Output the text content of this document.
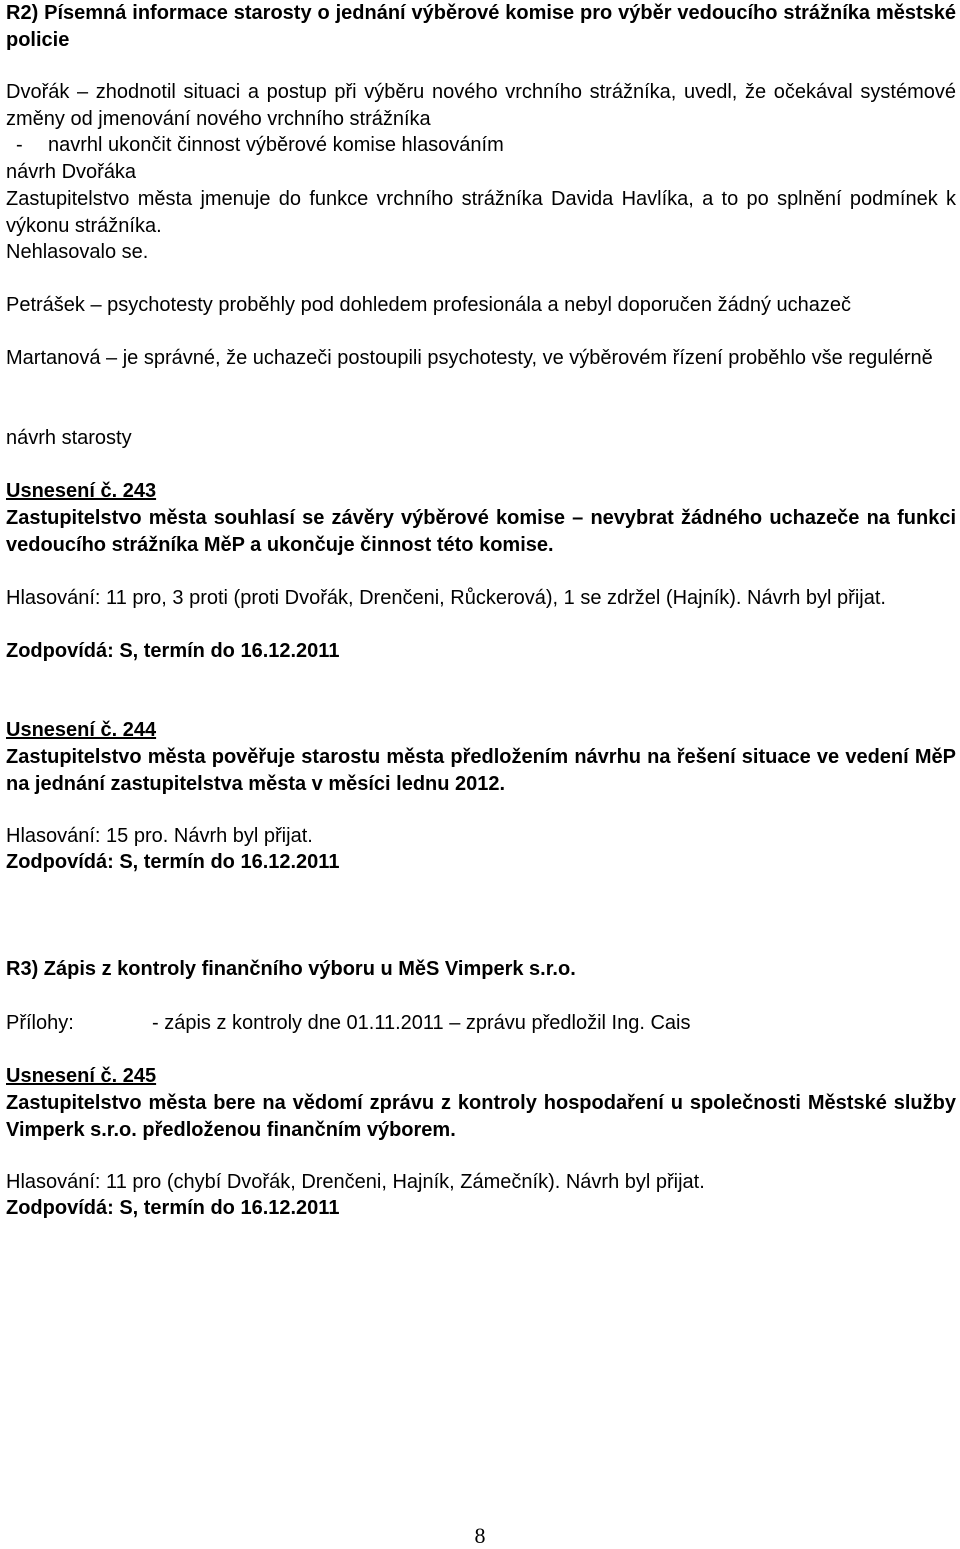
R2) Písemná informace starosty o jednání výběrové komise pro výběr vedoucího strážníka městské policie

Dvořák – zhodnotil situaci a postup při výběru nového vrchního strážníka, uvedl, že očekával systémové změny od jmenování nového vrchního strážníka

- navrhl ukončit činnost výběrové komise hlasováním

návrh Dvořáka

Zastupitelstvo města jmenuje do funkce vrchního strážníka Davida Havlíka, a to po splnění podmínek k výkonu strážníka.

Nehlasovalo se.

Petrášek – psychotesty proběhly pod dohledem profesionála a nebyl doporučen žádný uchazeč

Martanová – je správné, že uchazeči postoupili psychotesty, ve výběrovém řízení proběhlo vše regulérně

návrh starosty

Usnesení č. 243

Zastupitelstvo města souhlasí se závěry výběrové komise – nevybrat žádného uchazeče na funkci vedoucího strážníka MěP a ukončuje činnost této komise.

Hlasování: 11 pro, 3 proti (proti Dvořák, Drenčeni, Růckerová), 1 se zdržel (Hajník). Návrh byl přijat.

Zodpovídá: S, termín do 16.12.2011

Usnesení č. 244

Zastupitelstvo města pověřuje starostu města předložením návrhu na řešení situace ve vedení MěP na jednání zastupitelstva města v měsíci lednu 2012.

Hlasování: 15 pro. Návrh byl přijat.

Zodpovídá: S, termín do 16.12.2011

R3) Zápis z kontroly finančního výboru u MěS Vimperk s.r.o.

Přílohy:	- zápis z kontroly dne 01.11.2011 – zprávu předložil Ing. Cais

Usnesení č. 245

Zastupitelstvo města bere na vědomí zprávu z kontroly hospodaření u společnosti Městské služby Vimperk s.r.o. předloženou finančním výborem.

Hlasování: 11 pro (chybí Dvořák, Drenčeni, Hajník, Zámečník). Návrh byl přijat.

Zodpovídá: S, termín do 16.12.2011

8
